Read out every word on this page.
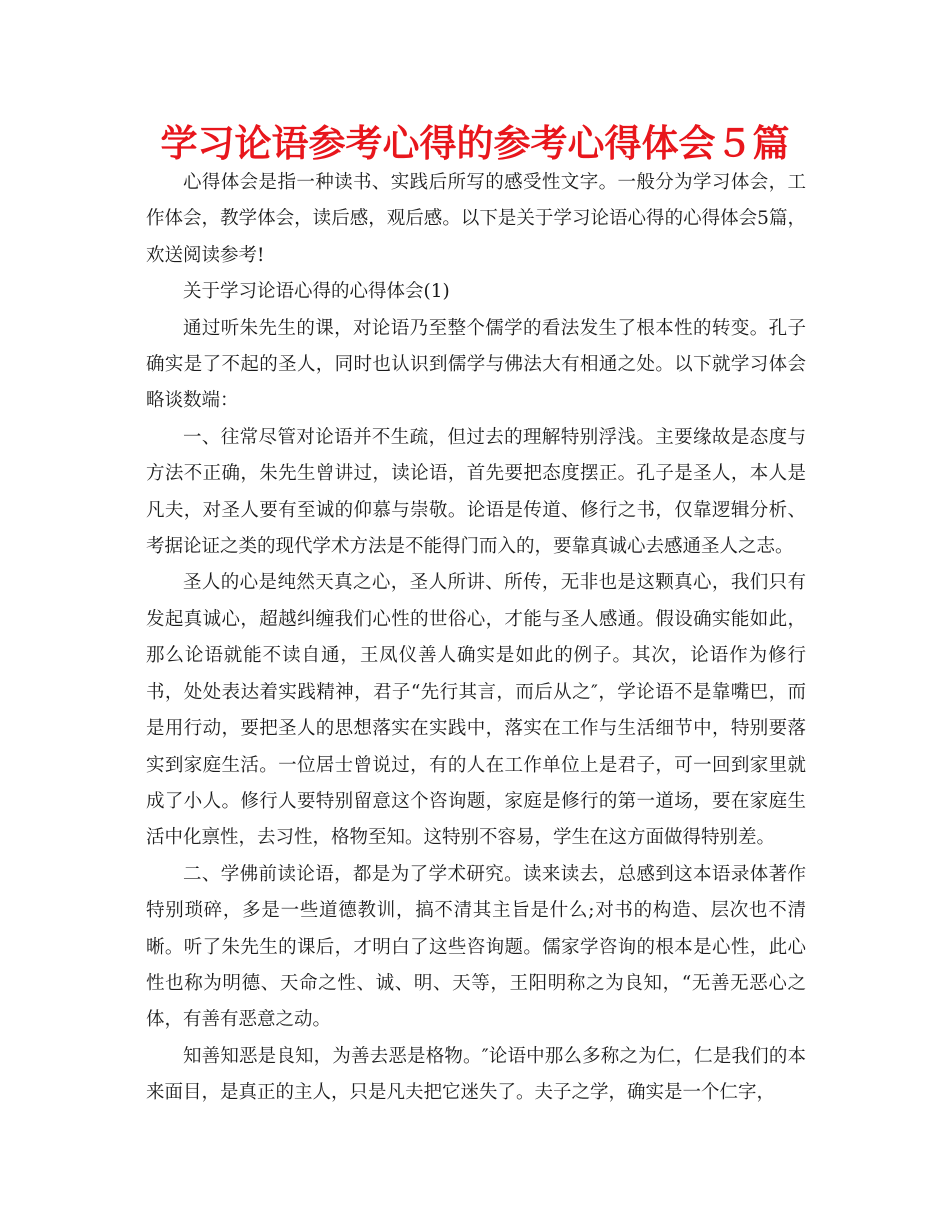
学习论语参考心得的参考心得体会５篇

心得体会是指一种读书、实践后所写的感受性文字。一般分为学习体会，工作体会，教学体会，读后感，观后感。以下是关于学习论语心得的心得体会5篇，欢送阅读参考!

关于学习论语心得的心得体会(1)

通过听朱先生的课，对论语乃至整个儒学的看法发生了根本性的转变。孔子确实是了不起的圣人，同时也认识到儒学与佛法大有相通之处。以下就学习体会略谈数端：

一、往常尽管对论语并不生疏，但过去的理解特别浮浅。主要缘故是态度与方法不正确，朱先生曾讲过，读论语，首先要把态度摆正。孔子是圣人，本人是凡夫，对圣人要有至诚的仰慕与崇敬。论语是传道、修行之书，仅靠逻辑分析、考据论证之类的现代学术方法是不能得门而入的，要靠真诚心去感通圣人之志。

圣人的心是纯然天真之心，圣人所讲、所传，无非也是这颗真心，我们只有发起真诚心，超越纠缠我们心性的世俗心，才能与圣人感通。假设确实能如此，那么论语就能不读自通，王凤仪善人确实是如此的例子。其次，论语作为修行书，处处表达着实践精神，君子“先行其言，而后从之″，学论语不是靠嘴巴，而是用行动，要把圣人的思想落实在实践中，落实在工作与生活细节中，特别要落实到家庭生活。一位居士曾说过，有的人在工作单位上是君子，可一回到家里就成了小人。修行人要特别留意这个咨询题，家庭是修行的第一道场，要在家庭生活中化禀性，去习性，格物至知。这特别不容易，学生在这方面做得特别差。

二、学佛前读论语，都是为了学术研究。读来读去，总感到这本语录体著作特别琐碎，多是一些道德教训，搞不清其主旨是什么;对书的构造、层次也不清晰。听了朱先生的课后，才明白了这些咨询题。儒家学咨询的根本是心性，此心性也称为明德、天命之性、诚、明、天等，王阳明称之为良知，“无善无恶心之体，有善有恶意之动。

知善知恶是良知，为善去恶是格物。″论语中那么多称之为仁，仁是我们的本来面目，是真正的主人，只是凡夫把它迷失了。夫子之学，确实是一个仁字，
